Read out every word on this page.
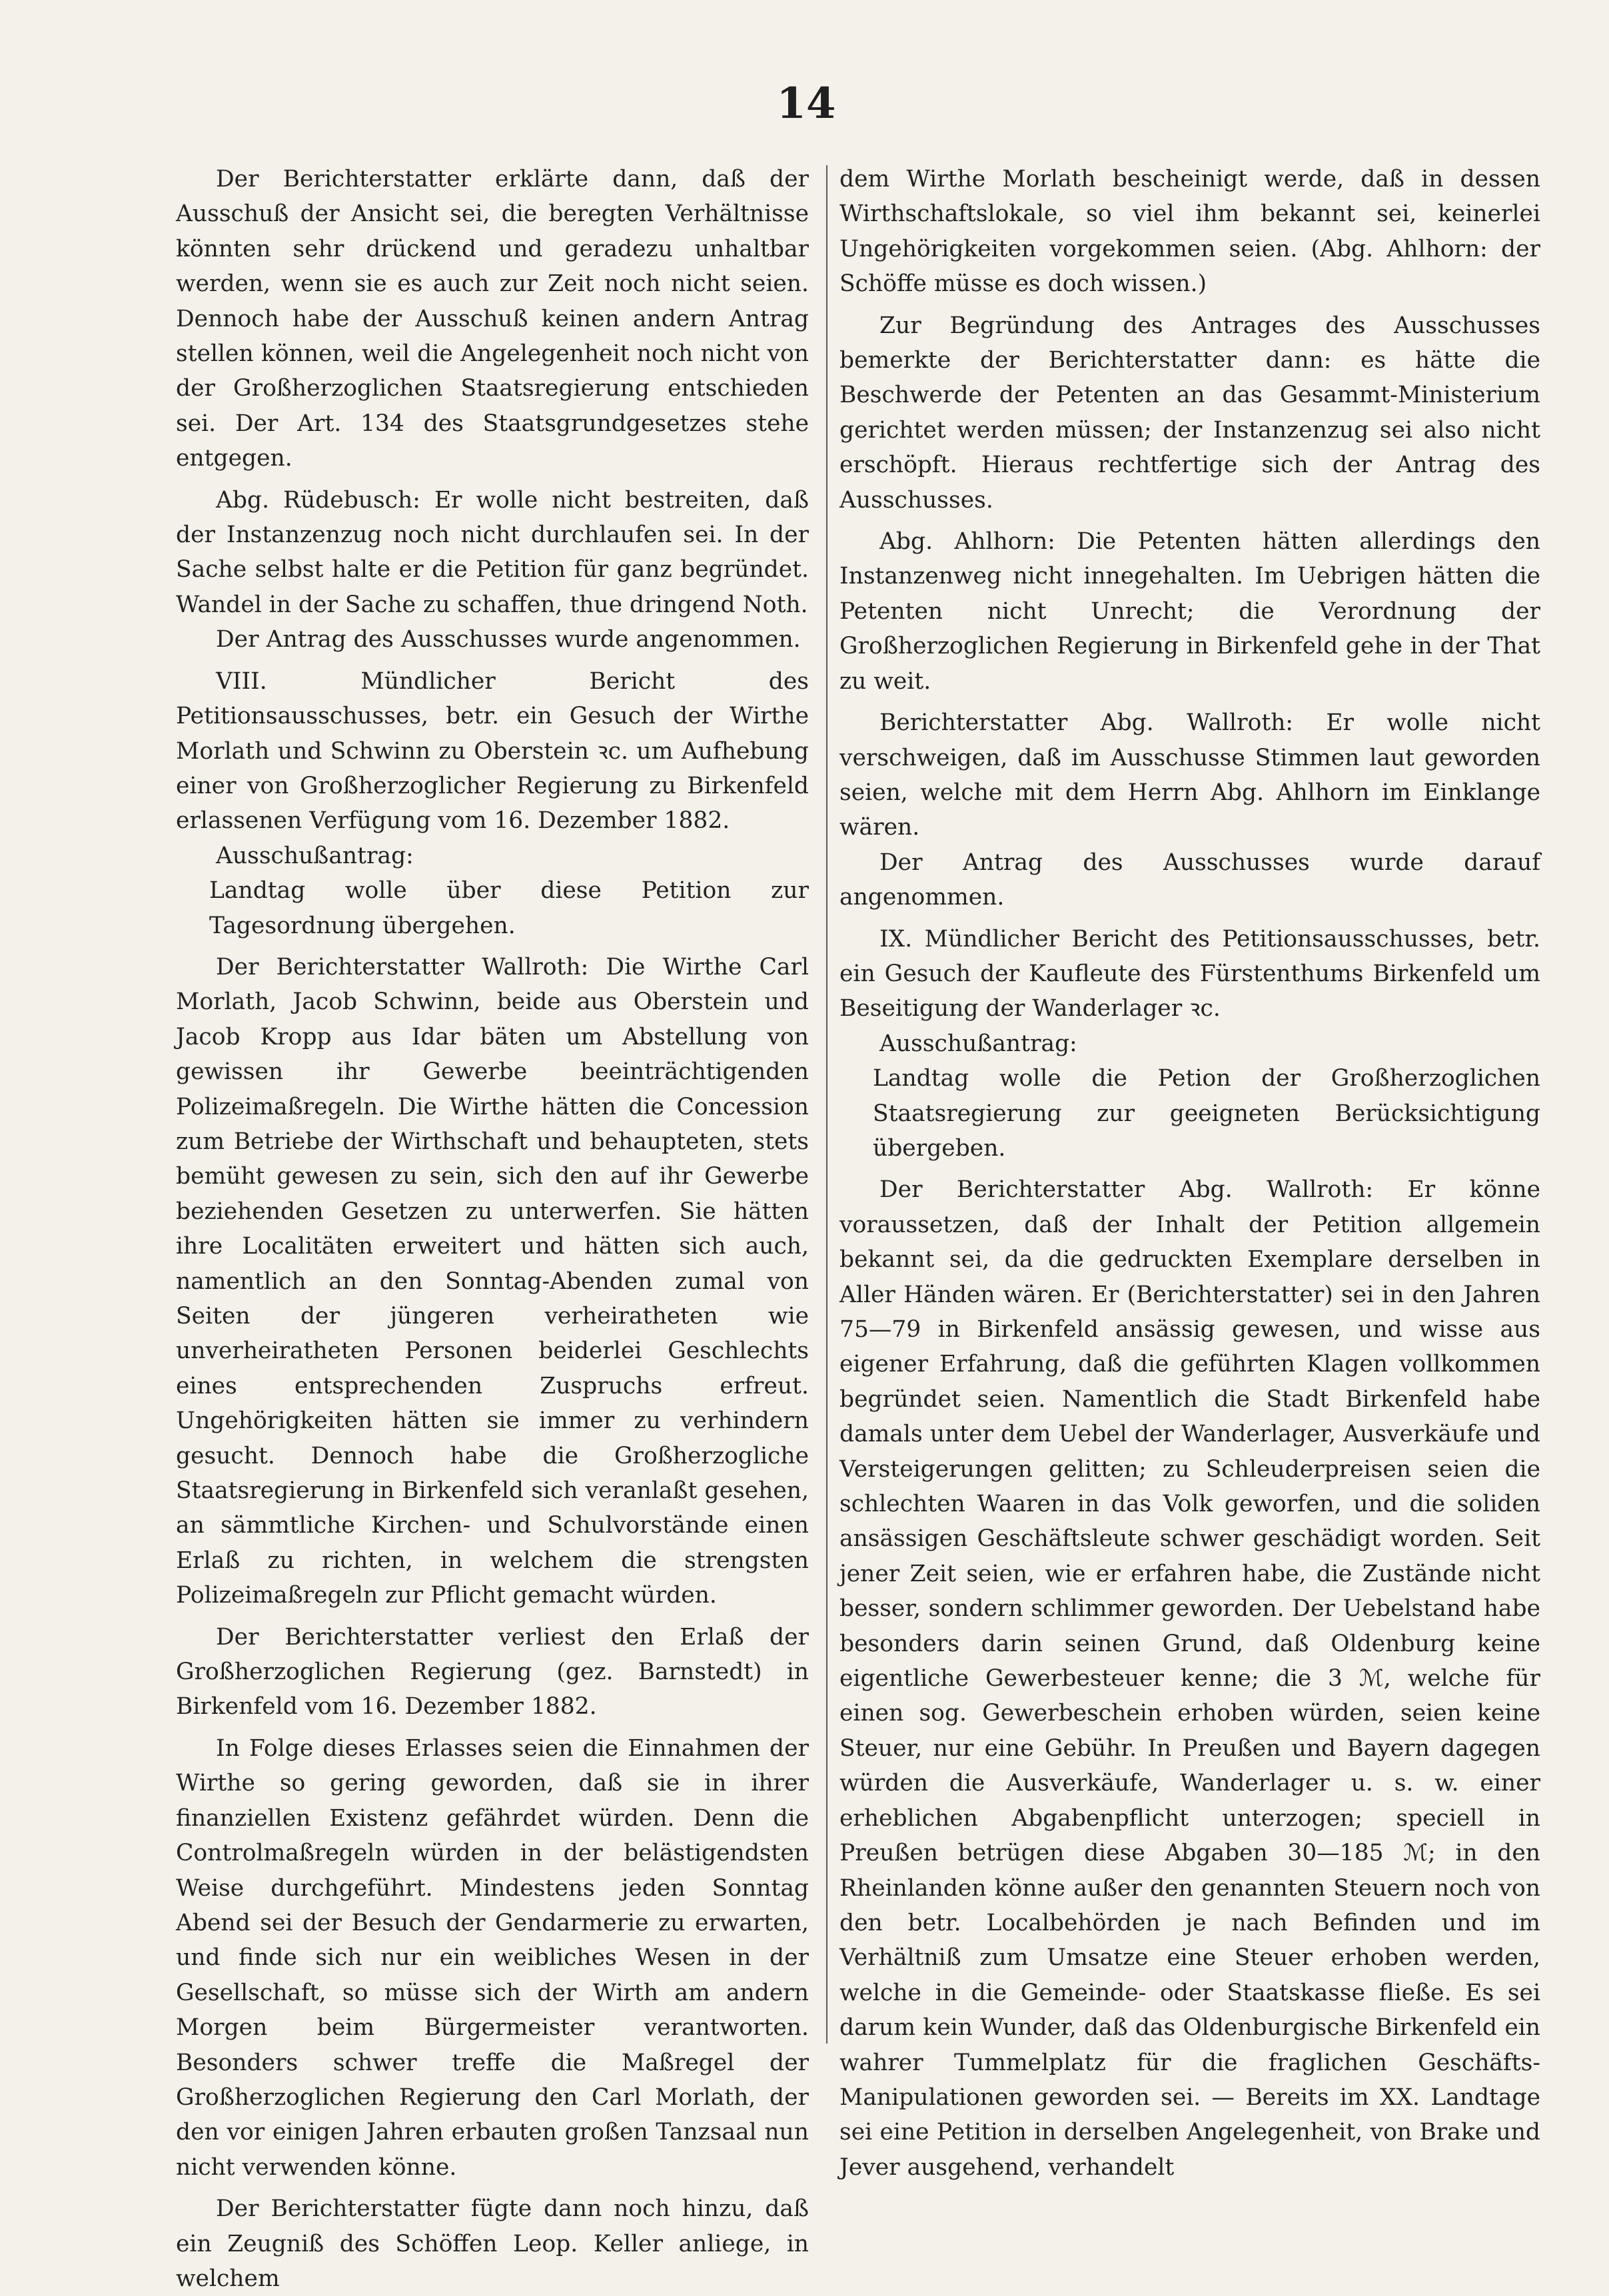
14

Der Berichterstatter erklärte dann, daß der Ausschuß der Ansicht sei, die beregten Verhältnisse könnten sehr drückend und geradezu unhaltbar werden, wenn sie es auch zur Zeit noch nicht seien. Dennoch habe der Ausschuß keinen andern Antrag stellen können, weil die Angelegenheit noch nicht von der Großherzoglichen Staatsregierung entschieden sei. Der Art. 134 des Staatsgrundgesetzes stehe entgegen.

Abg. Rüdebusch: Er wolle nicht bestreiten, daß der Instanzenzug noch nicht durchlaufen sei. In der Sache selbst halte er die Petition für ganz begründet. Wandel in der Sache zu schaffen, thue dringend Noth.

Der Antrag des Ausschusses wurde angenommen.

VIII. Mündlicher Bericht des Petitionsausschusses, betr. ein Gesuch der Wirthe Morlath und Schwinn zu Oberstein ꝛc. um Aufhebung einer von Großherzoglicher Regierung zu Birkenfeld erlassenen Verfügung vom 16. Dezember 1882.

Ausschußantrag:

Landtag wolle über diese Petition zur Tagesordnung übergehen.

Der Berichterstatter Wallroth: Die Wirthe Carl Morlath, Jacob Schwinn, beide aus Oberstein und Jacob Kropp aus Idar bäten um Abstellung von gewissen ihr Gewerbe beeinträchtigenden Polizeimaßregeln. Die Wirthe hätten die Concession zum Betriebe der Wirthschaft und behaupteten, stets bemüht gewesen zu sein, sich den auf ihr Gewerbe beziehenden Gesetzen zu unterwerfen. Sie hätten ihre Localitäten erweitert und hätten sich auch, namentlich an den Sonntag-Abenden zumal von Seiten der jüngeren verheiratheten wie unverheiratheten Personen beiderlei Geschlechts eines entsprechenden Zuspruchs erfreut. Ungehörigkeiten hätten sie immer zu verhindern gesucht. Dennoch habe die Großherzogliche Staatsregierung in Birkenfeld sich veranlaßt gesehen, an sämmtliche Kirchen- und Schulvorstände einen Erlaß zu richten, in welchem die strengsten Polizeimaßregeln zur Pflicht gemacht würden.

Der Berichterstatter verliest den Erlaß der Großherzoglichen Regierung (gez. Barnstedt) in Birkenfeld vom 16. Dezember 1882.

In Folge dieses Erlasses seien die Einnahmen der Wirthe so gering geworden, daß sie in ihrer finanziellen Existenz gefährdet würden. Denn die Controlmaßregeln würden in der belästigendsten Weise durchgeführt. Mindestens jeden Sonntag Abend sei der Besuch der Gendarmerie zu erwarten, und finde sich nur ein weibliches Wesen in der Gesellschaft, so müsse sich der Wirth am andern Morgen beim Bürgermeister verantworten. Besonders schwer treffe die Maßregel der Großherzoglichen Regierung den Carl Morlath, der den vor einigen Jahren erbauten großen Tanzsaal nun nicht verwenden könne.

Der Berichterstatter fügte dann noch hinzu, daß ein Zeugniß des Schöffen Leop. Keller anliege, in welchem

dem Wirthe Morlath bescheinigt werde, daß in dessen Wirthschaftslokale, so viel ihm bekannt sei, keinerlei Ungehörigkeiten vorgekommen seien. (Abg. Ahlhorn: der Schöffe müsse es doch wissen.)

Zur Begründung des Antrages des Ausschusses bemerkte der Berichterstatter dann: es hätte die Beschwerde der Petenten an das Gesammt-Ministerium gerichtet werden müssen; der Instanzenzug sei also nicht erschöpft. Hieraus rechtfertige sich der Antrag des Ausschusses.

Abg. Ahlhorn: Die Petenten hätten allerdings den Instanzenweg nicht innegehalten. Im Uebrigen hätten die Petenten nicht Unrecht; die Verordnung der Großherzoglichen Regierung in Birkenfeld gehe in der That zu weit.

Berichterstatter Abg. Wallroth: Er wolle nicht verschweigen, daß im Ausschusse Stimmen laut geworden seien, welche mit dem Herrn Abg. Ahlhorn im Einklange wären.

Der Antrag des Ausschusses wurde darauf angenommen.

IX. Mündlicher Bericht des Petitionsausschusses, betr. ein Gesuch der Kaufleute des Fürstenthums Birkenfeld um Beseitigung der Wanderlager ꝛc.

Ausschußantrag:

Landtag wolle die Petion der Großherzoglichen Staatsregierung zur geeigneten Berücksichtigung übergeben.

Der Berichterstatter Abg. Wallroth: Er könne voraussetzen, daß der Inhalt der Petition allgemein bekannt sei, da die gedruckten Exemplare derselben in Aller Händen wären. Er (Berichterstatter) sei in den Jahren 75—79 in Birkenfeld ansässig gewesen, und wisse aus eigener Erfahrung, daß die geführten Klagen vollkommen begründet seien. Namentlich die Stadt Birkenfeld habe damals unter dem Uebel der Wanderlager, Ausverkäufe und Versteigerungen gelitten; zu Schleuderpreisen seien die schlechten Waaren in das Volk geworfen, und die soliden ansässigen Geschäftsleute schwer geschädigt worden. Seit jener Zeit seien, wie er erfahren habe, die Zustände nicht besser, sondern schlimmer geworden. Der Uebelstand habe besonders darin seinen Grund, daß Oldenburg keine eigentliche Gewerbesteuer kenne; die 3 ℳ, welche für einen sog. Gewerbeschein erhoben würden, seien keine Steuer, nur eine Gebühr. In Preußen und Bayern dagegen würden die Ausverkäufe, Wanderlager u. s. w. einer erheblichen Abgabenpflicht unterzogen; speciell in Preußen betrügen diese Abgaben 30—185 ℳ; in den Rheinlanden könne außer den genannten Steuern noch von den betr. Localbehörden je nach Befinden und im Verhältniß zum Umsatze eine Steuer erhoben werden, welche in die Gemeinde- oder Staatskasse fließe. Es sei darum kein Wunder, daß das Oldenburgische Birkenfeld ein wahrer Tummelplatz für die fraglichen Geschäfts-Manipulationen geworden sei. — Bereits im XX. Landtage sei eine Petition in derselben Angelegenheit, von Brake und Jever ausgehend, verhandelt
